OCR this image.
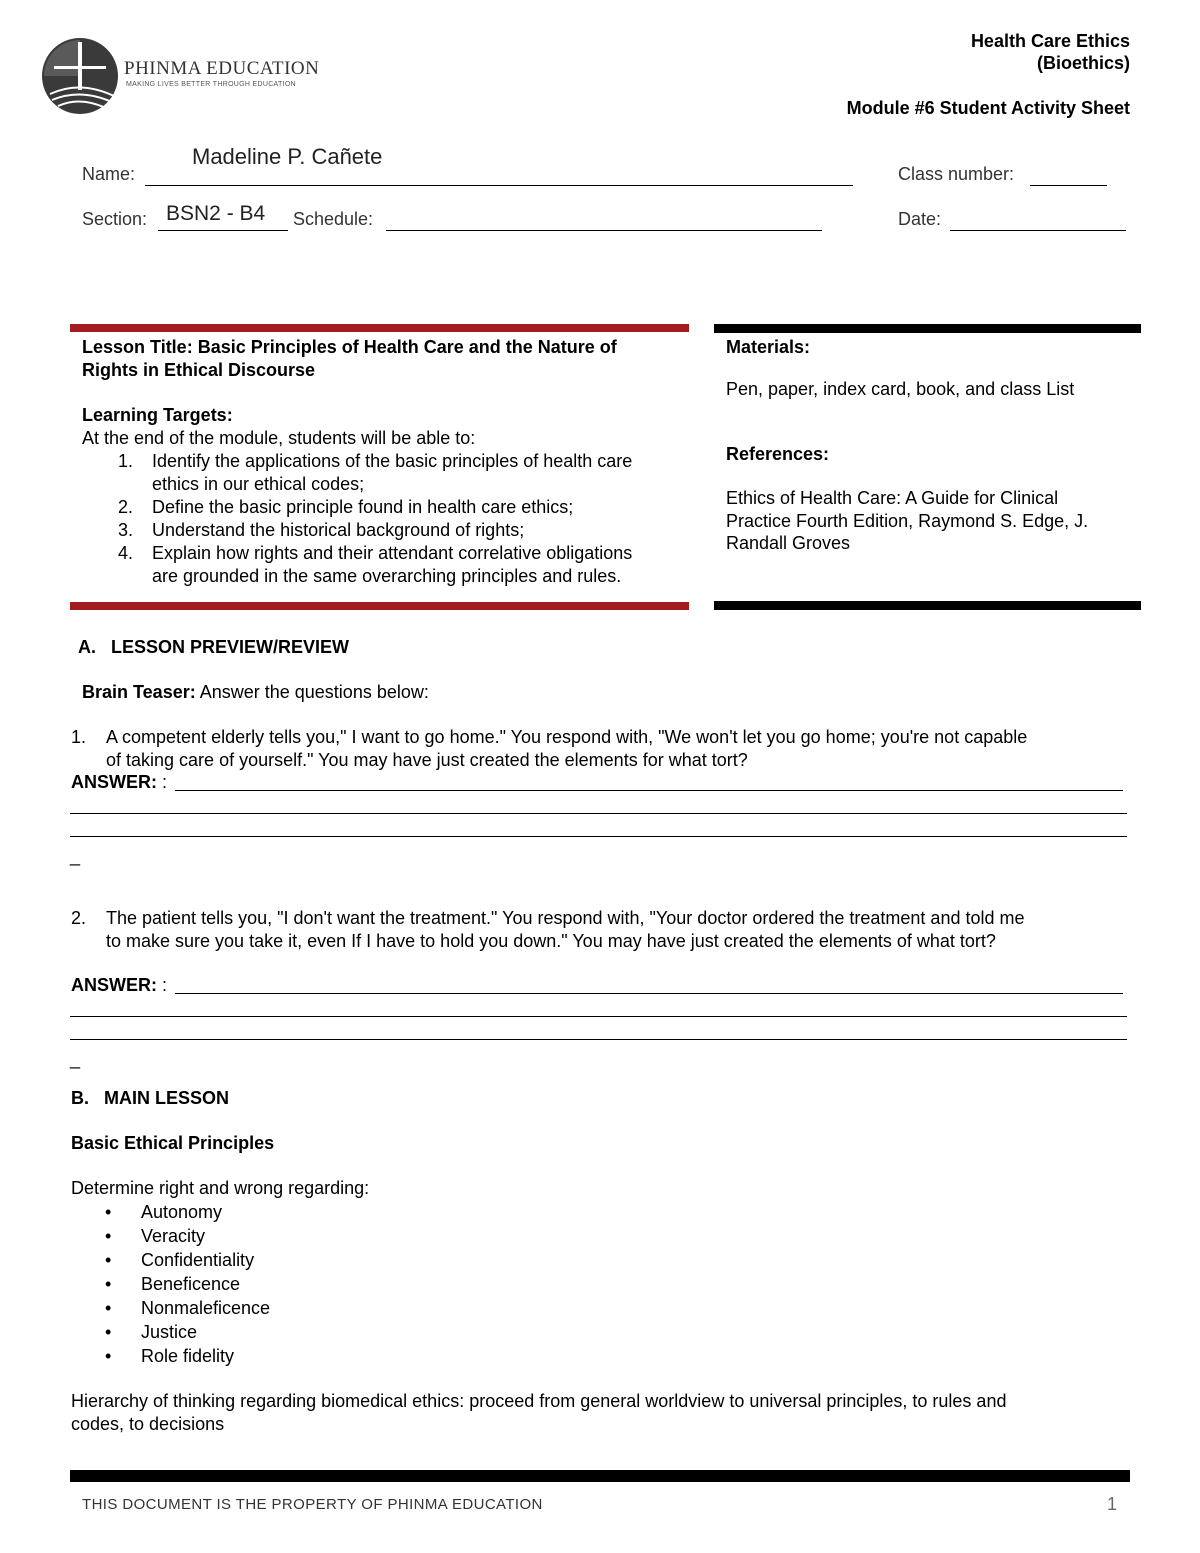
PHINMA EDUCATION
MAKING LIVES BETTER THROUGH EDUCATION
Health Care Ethics
(Bioethics)
Module #6 Student Activity Sheet
Name:
Madeline P. Cañete
Class number:
Section: BSN2 - B4 Schedule:	Date:
Lesson Title: Basic Principles of Health Care and the Nature of
Rights in Ethical Discourse
Learning Targets:
At the end of the module, students will be able to:
1. Identify the applications of the basic principles of health care
ethics in our ethical codes;
2. Define the basic principle found in health care ethics;
3. Understand the historical background of rights;
4. Explain how rights and their attendant correlative obligations
are grounded in the same overarching principles and rules.
Materials:
Pen, paper, index card, book, and class List
References:
Ethics of Health Care: A Guide for Clinical
Practice Fourth Edition, Raymond S. Edge, J.
Randall Groves
A.   LESSON PREVIEW/REVIEW
Brain Teaser: Answer the questions below:
1. A competent elderly tells you," I want to go home." You respond with, "We won't let you go home; you're not capable
of taking care of yourself." You may have just created the elements for what tort?
ANSWER: :
_
2. The patient tells you, "I don't want the treatment." You respond with, "Your doctor ordered the treatment and told me
to make sure you take it, even If I have to hold you down." You may have just created the elements of what tort?
ANSWER: :
_
B.   MAIN LESSON
Basic Ethical Principles
Determine right and wrong regarding:
• Autonomy
• Veracity
• Confidentiality
• Beneficence
• Nonmaleficence
• Justice
• Role fidelity
Hierarchy of thinking regarding biomedical ethics: proceed from general worldview to universal principles, to rules and
codes, to decisions
THIS DOCUMENT IS THE PROPERTY OF PHINMA EDUCATION	1
